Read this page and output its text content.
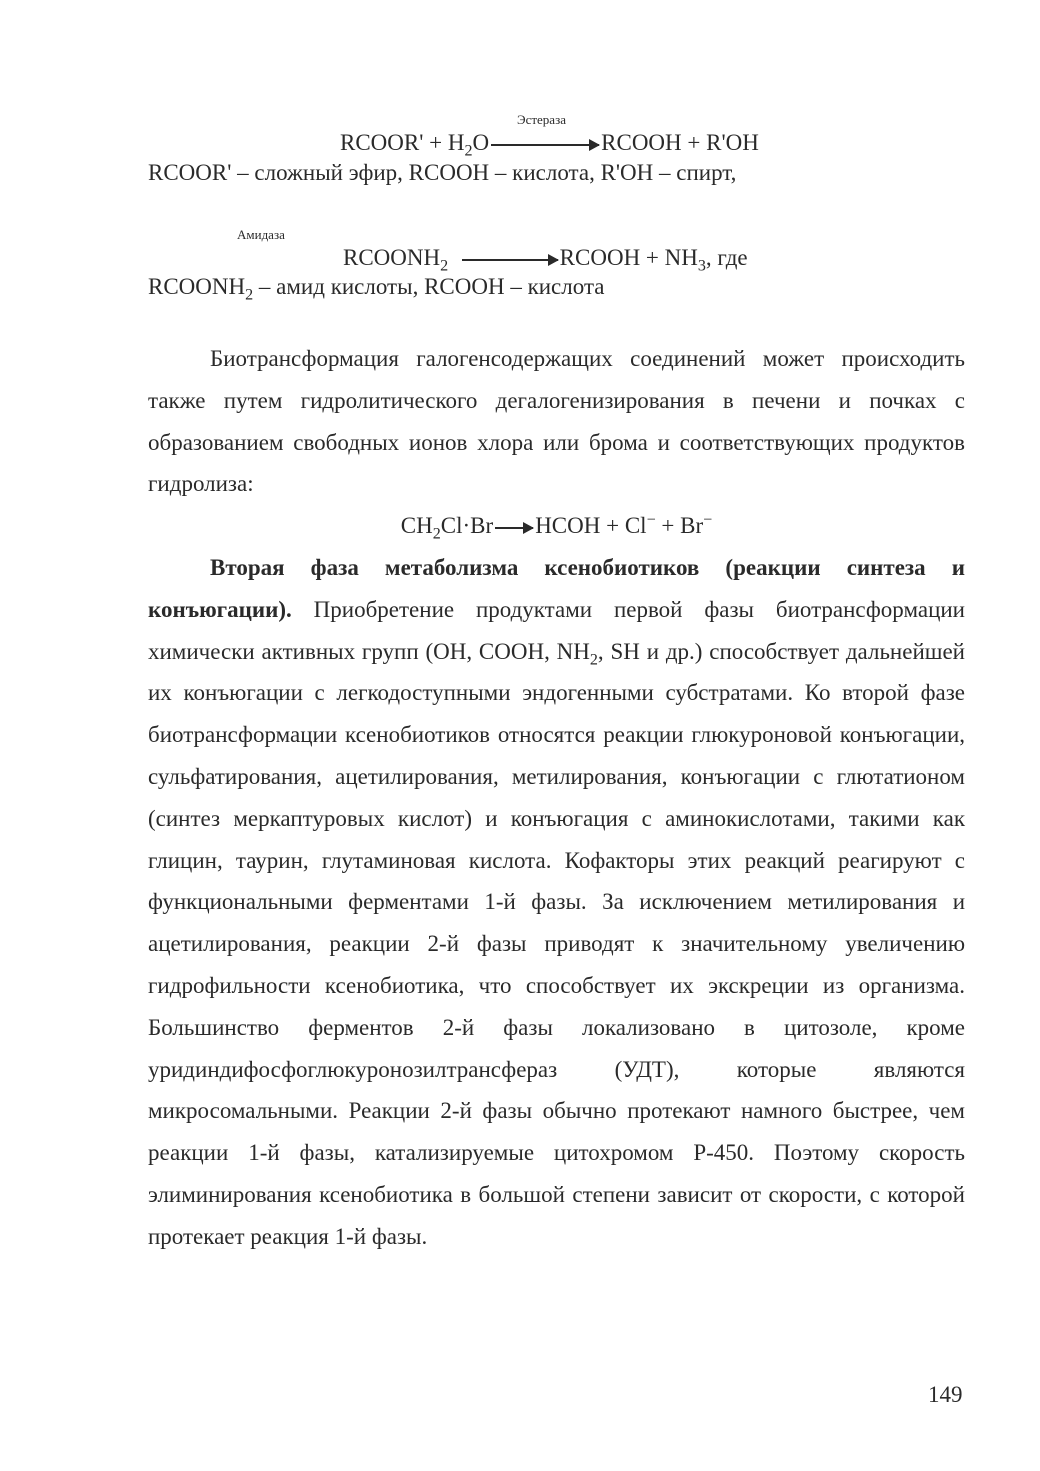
Эстераза
RCOOR' + $H_2O$	RCOOH + R'OH
RCOOR' – сложный эфир, RCOOH – кислота, R'OH – спирт,
Амидаза
$RCOONH_2$	RCOOH + $NH_3$, где
$RCOONH_2$ – амид кислоты, RCOOH – кислота

Биотрансформация галогенсодержащих соединений может происходить также путем гидролитического дегалогенизирования в печени и почках с образованием свободных ионов хлора или брома и соответствующих продуктов гидролиза:

$CH_2Cl\cdot Br$ HCOH + Cl− + Br−

Вторая фаза метаболизма ксенобиотиков (реакции синтеза и конъюгации). Приобретение продуктами первой фазы биотрансформации химически активных групп (OH, COOH, $NH_2$, SH и др.) способствует дальнейшей их конъюгации с легкодоступными эндогенными субстратами. Ко второй фазе биотрансформации ксенобиотиков относятся реакции глюкуроновой конъюгации, сульфатирования, ацетилирования, метилирования, конъюгации с глютатионом (синтез меркаптуровых кислот) и конъюгация с аминокислотами, такими как глицин, таурин, глутаминовая кислота. Кофакторы этих реакций реагируют с функциональными ферментами 1-й фазы. За исключением метилирования и ацетилирования, реакции 2-й фазы приводят к значительному увеличению гидрофильности ксенобиотика, что способствует их экскреции из организма. Большинство ферментов 2-й фазы локализовано в цитозоле, кроме уридиндифосфоглюкуронозилтрансфераз (УДТ), которые являются микросомальными. Реакции 2-й фазы обычно протекают намного быстрее, чем реакции 1-й фазы, катализируемые цитохромом P-450. Поэтому скорость элиминирования ксенобиотика в большой степени зависит от скорости, с которой протекает реакция 1-й фазы.

149
